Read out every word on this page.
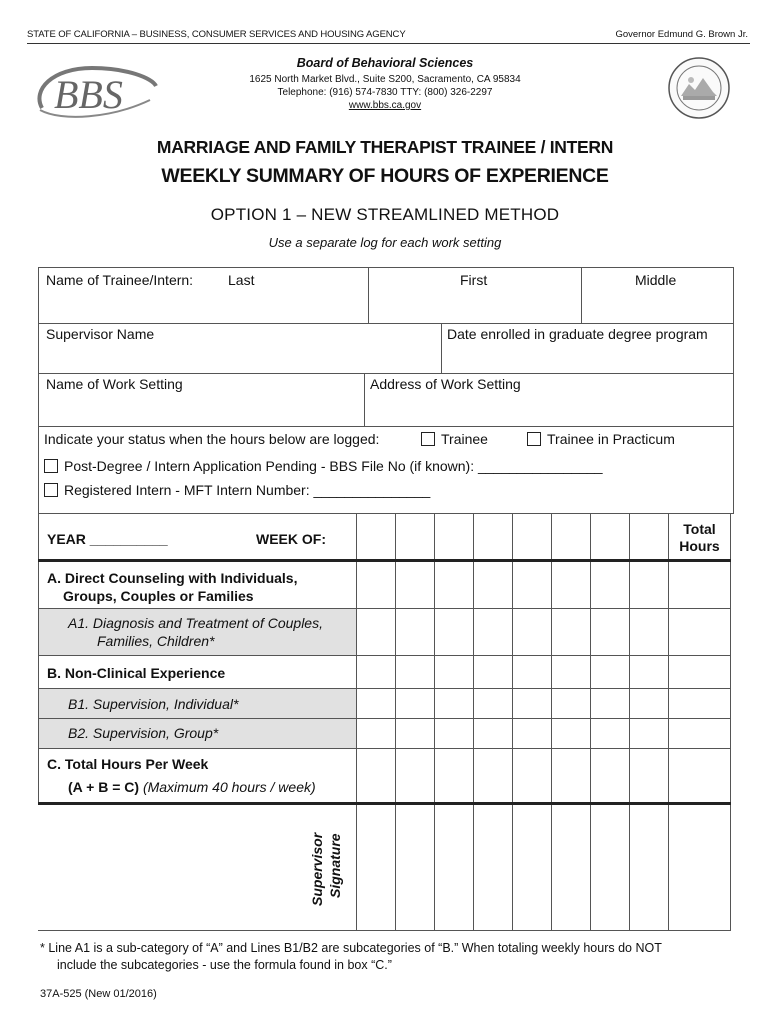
STATE OF CALIFORNIA – BUSINESS, CONSUMER SERVICES AND HOUSING AGENCY	Governor Edmund G. Brown Jr.
BBS
Board of Behavioral Sciences
1625 North Market Blvd., Suite S200, Sacramento, CA 95834
Telephone: (916) 574-7830 TTY: (800) 326-2297
www.bbs.ca.gov
MARRIAGE AND FAMILY THERAPIST TRAINEE / INTERN
WEEKLY SUMMARY OF HOURS OF EXPERIENCE
OPTION 1 – NEW STREAMLINED METHOD
Use a separate log for each work setting
Name of Trainee/Intern: Last	First	Middle
Supervisor Name	Date enrolled in graduate degree program
Name of Work Setting	Address of Work Setting
Indicate your status when the hours below are logged:	Trainee	Trainee in Practicum
Post-Degree / Intern Application Pending - BBS File No (if known): ________________
Registered Intern - MFT Intern Number: _______________
YEAR __________	WEEK OF:
Total
Hours
A. Direct Counseling with Individuals,
Groups, Couples or Families
A1. Diagnosis and Treatment of Couples,
Families, Children*
B. Non-Clinical Experience
B1. Supervision, Individual*
B2. Supervision, Group*
C. Total Hours Per Week
(A + B = C) (Maximum 40 hours / week)
Supervisor Signature
* Line A1 is a sub-category of “A” and Lines B1/B2 are subcategories of “B.” When totaling weekly hours do NOT
include the subcategories - use the formula found in box “C.”
37A-525 (New 01/2016)
